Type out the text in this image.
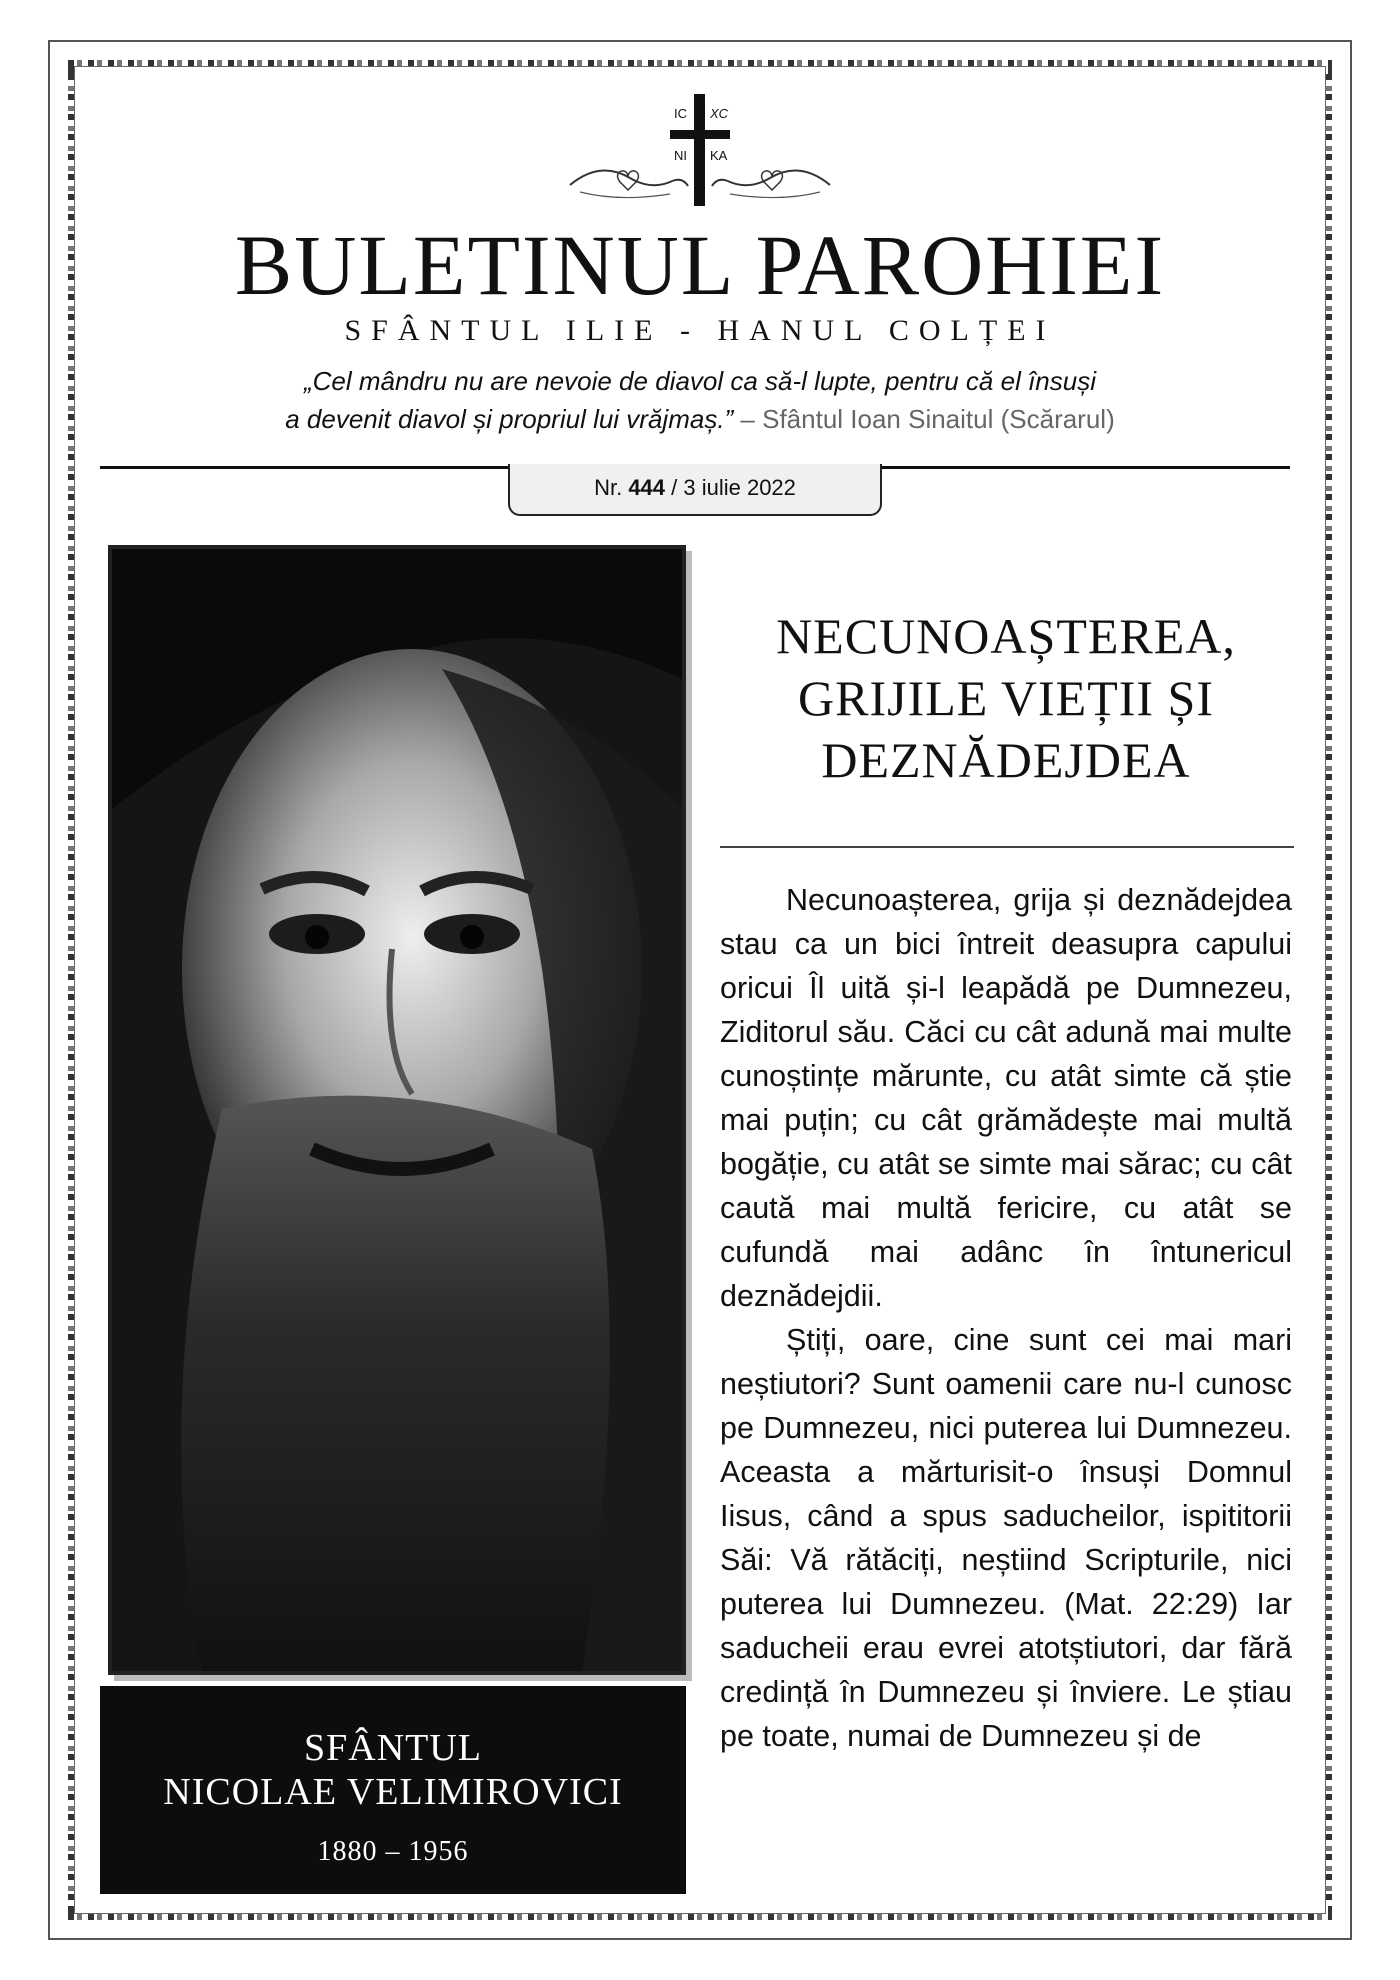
IC XC
NI KA
BULETINUL PAROHIEI
SFÂNTUL ILIE - HANUL COLȚEI
„Cel mândru nu are nevoie de diavol ca să-l lupte, pentru că el însuși
a devenit diavol și propriul lui vrăjmaș.” – Sfântul Ioan Sinaitul (Scărarul)
Nr. 444 / 3 iulie 2022
SFÂNTUL
NICOLAE VELIMIROVICI
1880 – 1956
NECUNOAȘTEREA,
GRIJILE VIEȚII ȘI
DEZNĂDEJDEA

Necunoașterea, grija și deznădejdea stau ca un bici întreit deasupra capului oricui Îl uită și-l leapădă pe Dumnezeu, Ziditorul său. Căci cu cât adună mai multe cunoștințe mărunte, cu atât simte că știe mai puțin; cu cât grămădește mai multă bogăție, cu atât se simte mai sărac; cu cât caută mai multă fericire, cu atât se cufundă mai adânc în întunericul deznădejdii.

Știți, oare, cine sunt cei mai mari neștiutori? Sunt oamenii care nu-l cunosc pe Dumnezeu, nici puterea lui Dumnezeu. Aceasta a mărturisit-o însuși Domnul Iisus, când a spus saducheilor, ispititorii Săi: Vă rătăciți, neștiind Scripturile, nici puterea lui Dumnezeu. (Mat. 22:29) Iar saducheii erau evrei atotștiutori, dar fără credință în Dumnezeu și înviere. Le știau pe toate, numai de Dumnezeu și de
